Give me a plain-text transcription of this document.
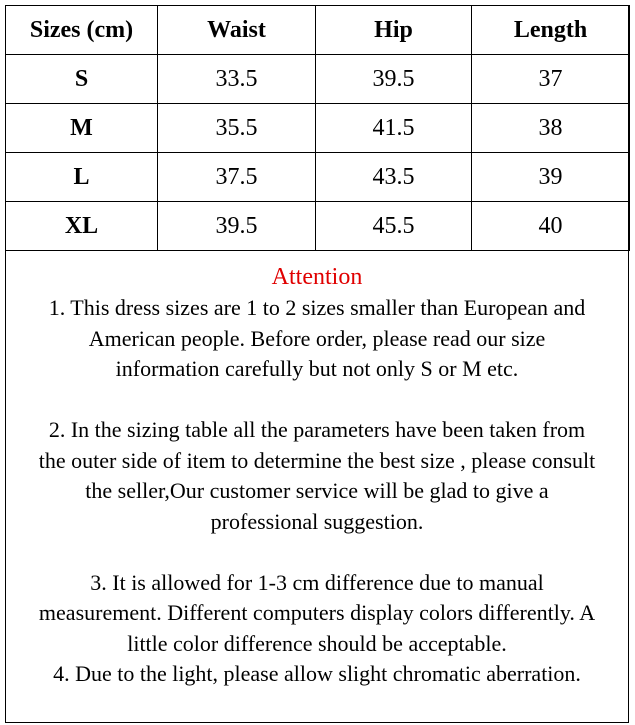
Sizes (cm)	Waist	Hip	Length
S	33.5	39.5	37
M	35.5	41.5	38
L	37.5	43.5	39
XL	39.5	45.5	40
Attention

1. This dress sizes are 1 to 2 sizes smaller than European and

American people. Before order, please read our size

information carefully but not only S or M etc.

2. In the sizing table all the parameters have been taken from

the outer side of item to determine the best size , please consult

the seller,Our customer service will be glad to give a

professional suggestion.

3. It is allowed for 1-3 cm difference due to manual

measurement. Different computers display colors differently. A

little color difference should be acceptable.

4. Due to the light, please allow slight chromatic aberration.
